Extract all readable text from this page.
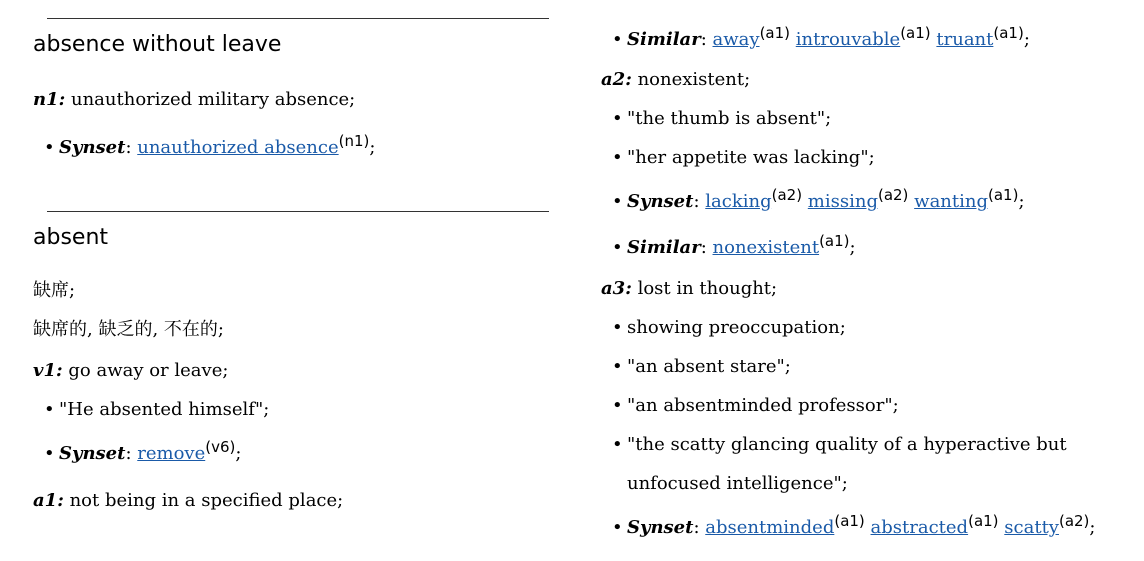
absence without leave
n1: unauthorized military absence;
• Synset: unauthorized absence$^{(n1)}$;
absent
缺席;
缺席的, 缺乏的, 不在的;
v1: go away or leave;
• "He absented himself";
• Synset: remove$^{(v6)}$;
a1: not being in a specified place;
• Similar: away$^{(a1)}$ introuvable$^{(a1)}$ truant$^{(a1)}$;
a2: nonexistent;
• "the thumb is absent";
• "her appetite was lacking";
• Synset: lacking$^{(a2)}$ missing$^{(a2)}$ wanting$^{(a1)}$;
• Similar: nonexistent$^{(a1)}$;
a3: lost in thought;
• showing preoccupation;
• "an absent stare";
• "an absentminded professor";
• "the scatty glancing quality of a hyperactive but
unfocused intelligence";
• Synset: absentminded$^{(a1)}$ abstracted$^{(a1)}$ scatty$^{(a2)}$;
